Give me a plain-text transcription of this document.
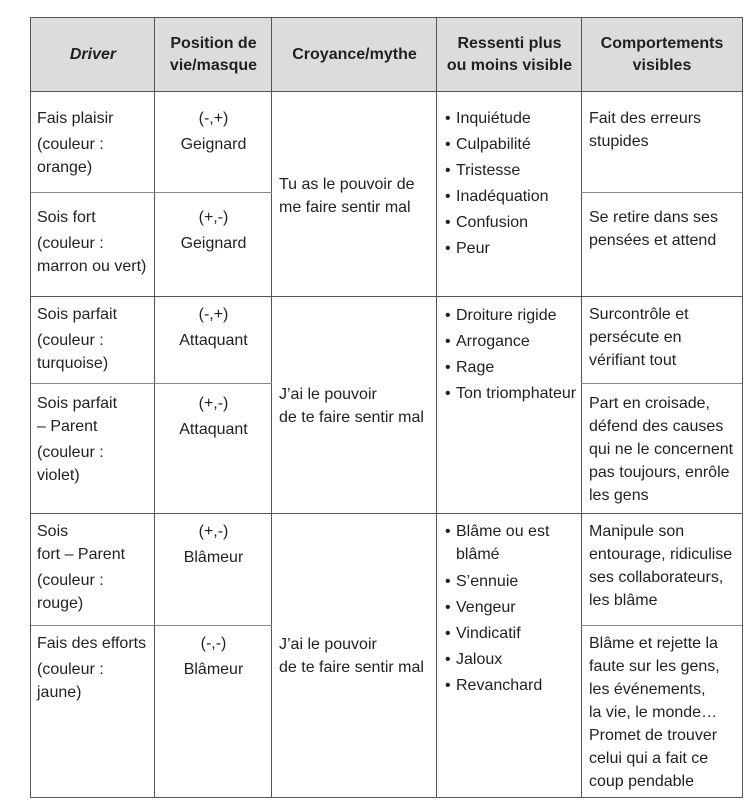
Driver
Position de
vie/masque
Croyance/mythe
Ressenti plus
ou moins visible
Comportements
visibles
Fais plaisir
(couleur :
orange)
(-,+)
Geignard
Fait des erreurs
stupides
Sois fort
(couleur :
marron ou vert)
(+,-)
Geignard
Se retire dans ses
pensées et attend
Tu as le pouvoir de
me faire sentir mal
• Inquiétude
• Culpabilité
• Tristesse
• Inadéquation
• Confusion
• Peur
Sois parfait
(couleur :
turquoise)
(-,+)
Attaquant
Surcontrôle et
persécute en
vérifiant tout
Sois parfait
– Parent
(couleur :
violet)
(+,-)
Attaquant
Part en croisade,
défend des causes
qui ne le concernent
pas toujours, enrôle
les gens
J’ai le pouvoir
de te faire sentir mal
• Droiture rigide
• Arrogance
• Rage
• Ton triomphateur
Sois
fort – Parent
(couleur :
rouge)
(+,-)
Blâmeur
Manipule son
entourage, ridiculise
ses collaborateurs,
les blâme
Fais des efforts
(couleur :
jaune)
(-,-)
Blâmeur
Blâme et rejette la
faute sur les gens,
les événements,
la vie, le monde…
Promet de trouver
celui qui a fait ce
coup pendable
J’ai le pouvoir
de te faire sentir mal
• Blâme ou est
blâmé
• S’ennuie
• Vengeur
• Vindicatif
• Jaloux
• Revanchard
